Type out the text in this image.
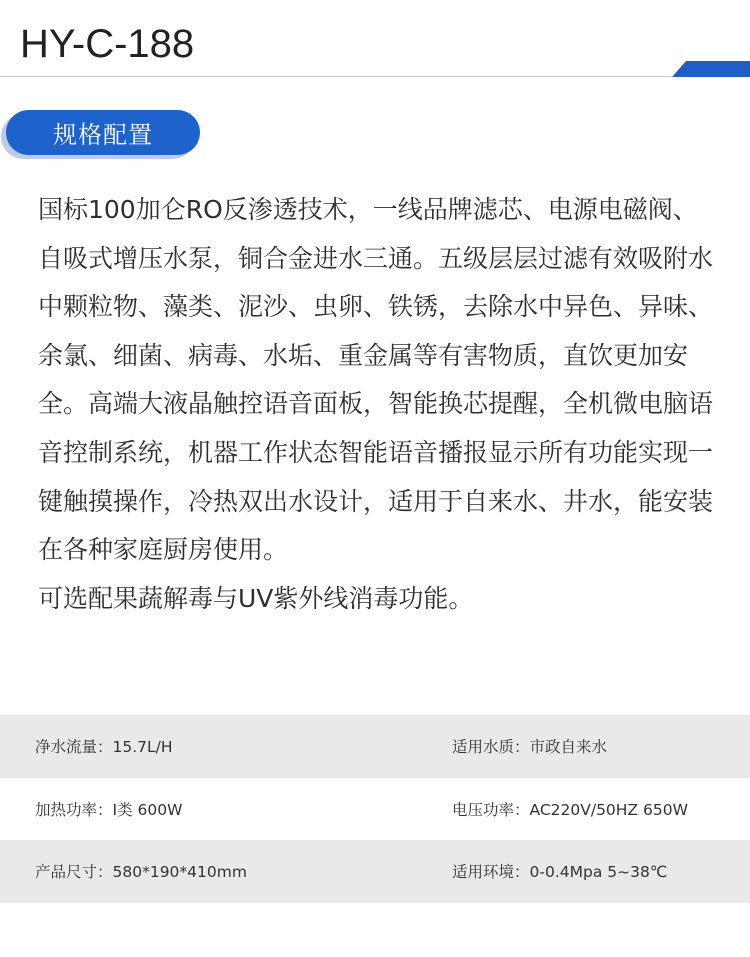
HY-C-188
规格配置

国标100加仑RO反渗透技术，一线品牌滤芯、电源电磁阀、自吸式增压水泵，铜合金进水三通。五级层层过滤有效吸附水中颗粒物、藻类、泥沙、虫卵、铁锈，去除水中异色、异味、余氯、细菌、病毒、水垢、重金属等有害物质，直饮更加安全。高端大液晶触控语音面板，智能换芯提醒，全机微电脑语音控制系统，机器工作状态智能语音播报显示所有功能实现一键触摸操作，冷热双出水设计，适用于自来水、井水，能安装在各种家庭厨房使用。

可选配果蔬解毒与UV紫外线消毒功能。

净水流量：15.7L/H	适用水质：市政自来水
加热功率：I类 600W	电压功率：AC220V/50HZ 650W
产品尺寸：580*190*410mm	适用环境：0-0.4Mpa 5~38℃
